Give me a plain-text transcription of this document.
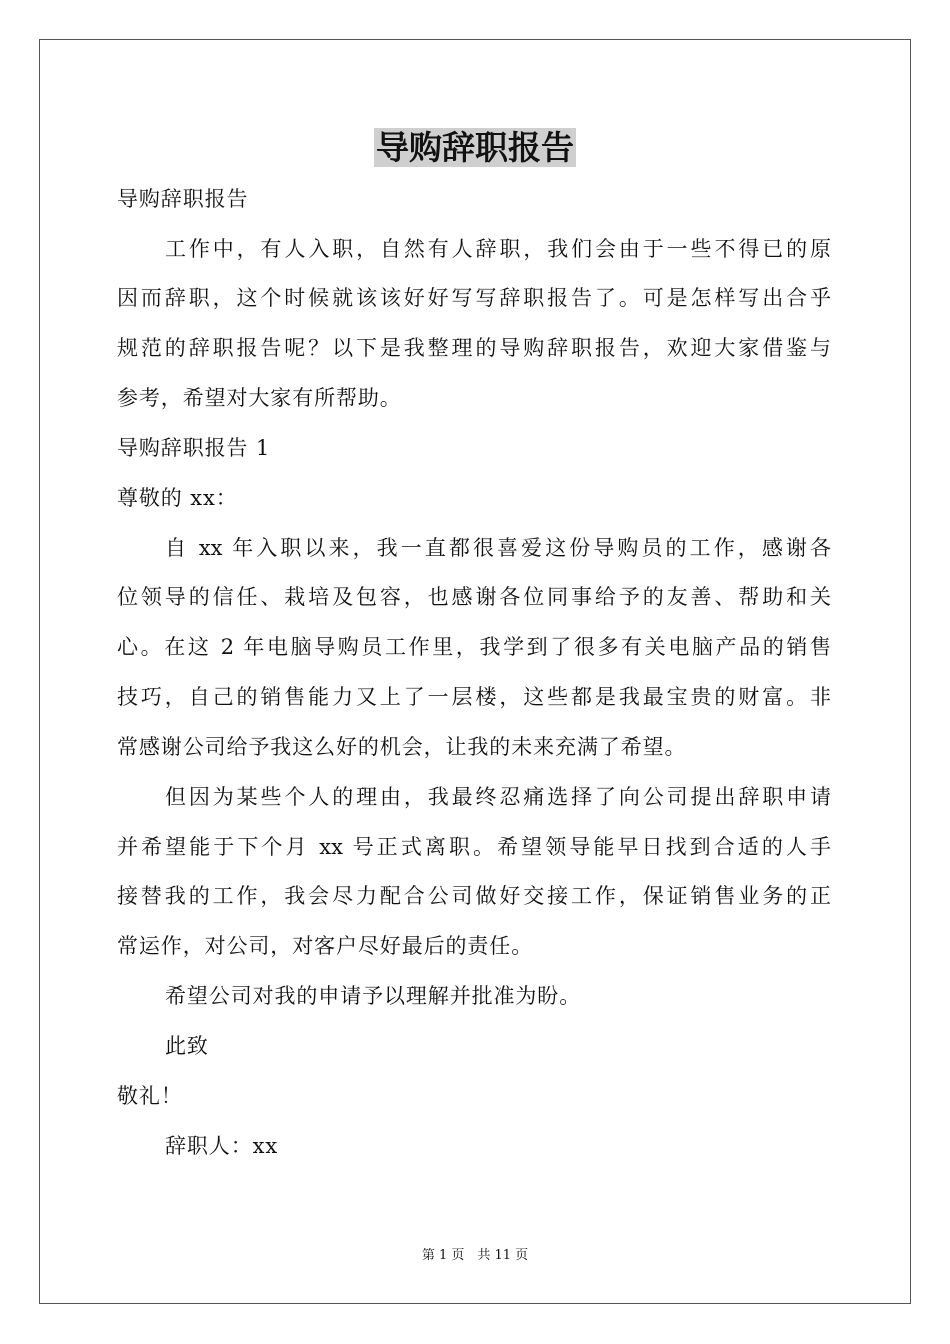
导购辞职报告
导购辞职报告
工作中，有人入职，自然有人辞职，我们会由于一些不得已的原
因而辞职，这个时候就该该好好写写辞职报告了。可是怎样写出合乎
规范的辞职报告呢？以下是我整理的导购辞职报告，欢迎大家借鉴与
参考，希望对大家有所帮助。
导购辞职报告 1
尊敬的 xx：
自 xx 年入职以来，我一直都很喜爱这份导购员的工作，感谢各
位领导的信任、栽培及包容，也感谢各位同事给予的友善、帮助和关
心。在这 2 年电脑导购员工作里，我学到了很多有关电脑产品的销售
技巧，自己的销售能力又上了一层楼，这些都是我最宝贵的财富。非
常感谢公司给予我这么好的机会，让我的未来充满了希望。
但因为某些个人的理由，我最终忍痛选择了向公司提出辞职申请
并希望能于下个月 xx 号正式离职。希望领导能早日找到合适的人手
接替我的工作，我会尽力配合公司做好交接工作，保证销售业务的正
常运作，对公司，对客户尽好最后的责任。
希望公司对我的申请予以理解并批准为盼。
此致
敬礼！
辞职人：xx
第 1 页　共 11 页
